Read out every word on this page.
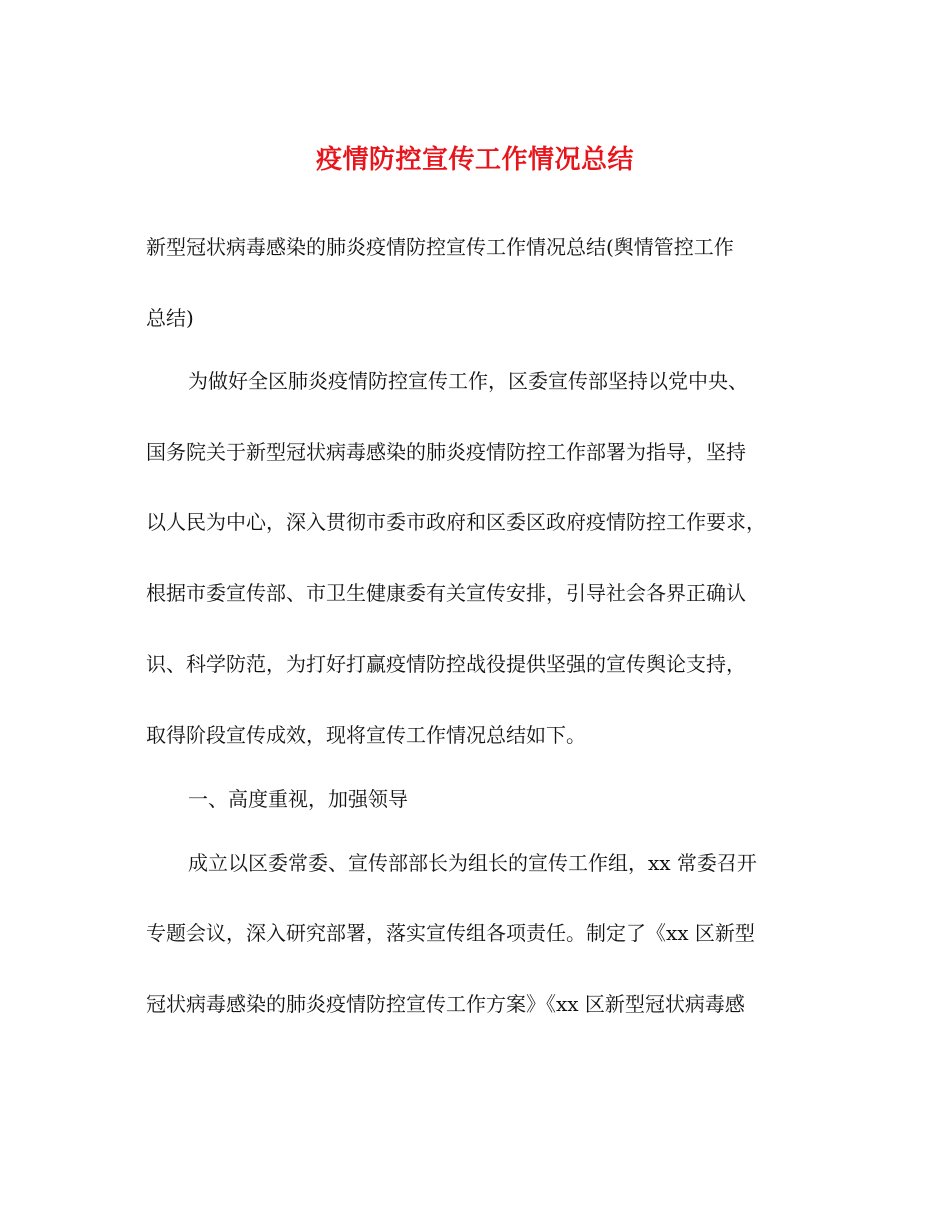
疫情防控宣传工作情况总结
新型冠状病毒感染的肺炎疫情防控宣传工作情况总结(舆情管控工作
总结)
为做好全区肺炎疫情防控宣传工作，区委宣传部坚持以党中央、
国务院关于新型冠状病毒感染的肺炎疫情防控工作部署为指导，坚持
以人民为中心，深入贯彻市委市政府和区委区政府疫情防控工作要求，
根据市委宣传部、市卫生健康委有关宣传安排，引导社会各界正确认
识、科学防范，为打好打赢疫情防控战役提供坚强的宣传舆论支持，
取得阶段宣传成效，现将宣传工作情况总结如下。
一、高度重视，加强领导
成立以区委常委、宣传部部长为组长的宣传工作组，xx 常委召开
专题会议，深入研究部署，落实宣传组各项责任。制定了《xx 区新型
冠状病毒感染的肺炎疫情防控宣传工作方案》《xx 区新型冠状病毒感
